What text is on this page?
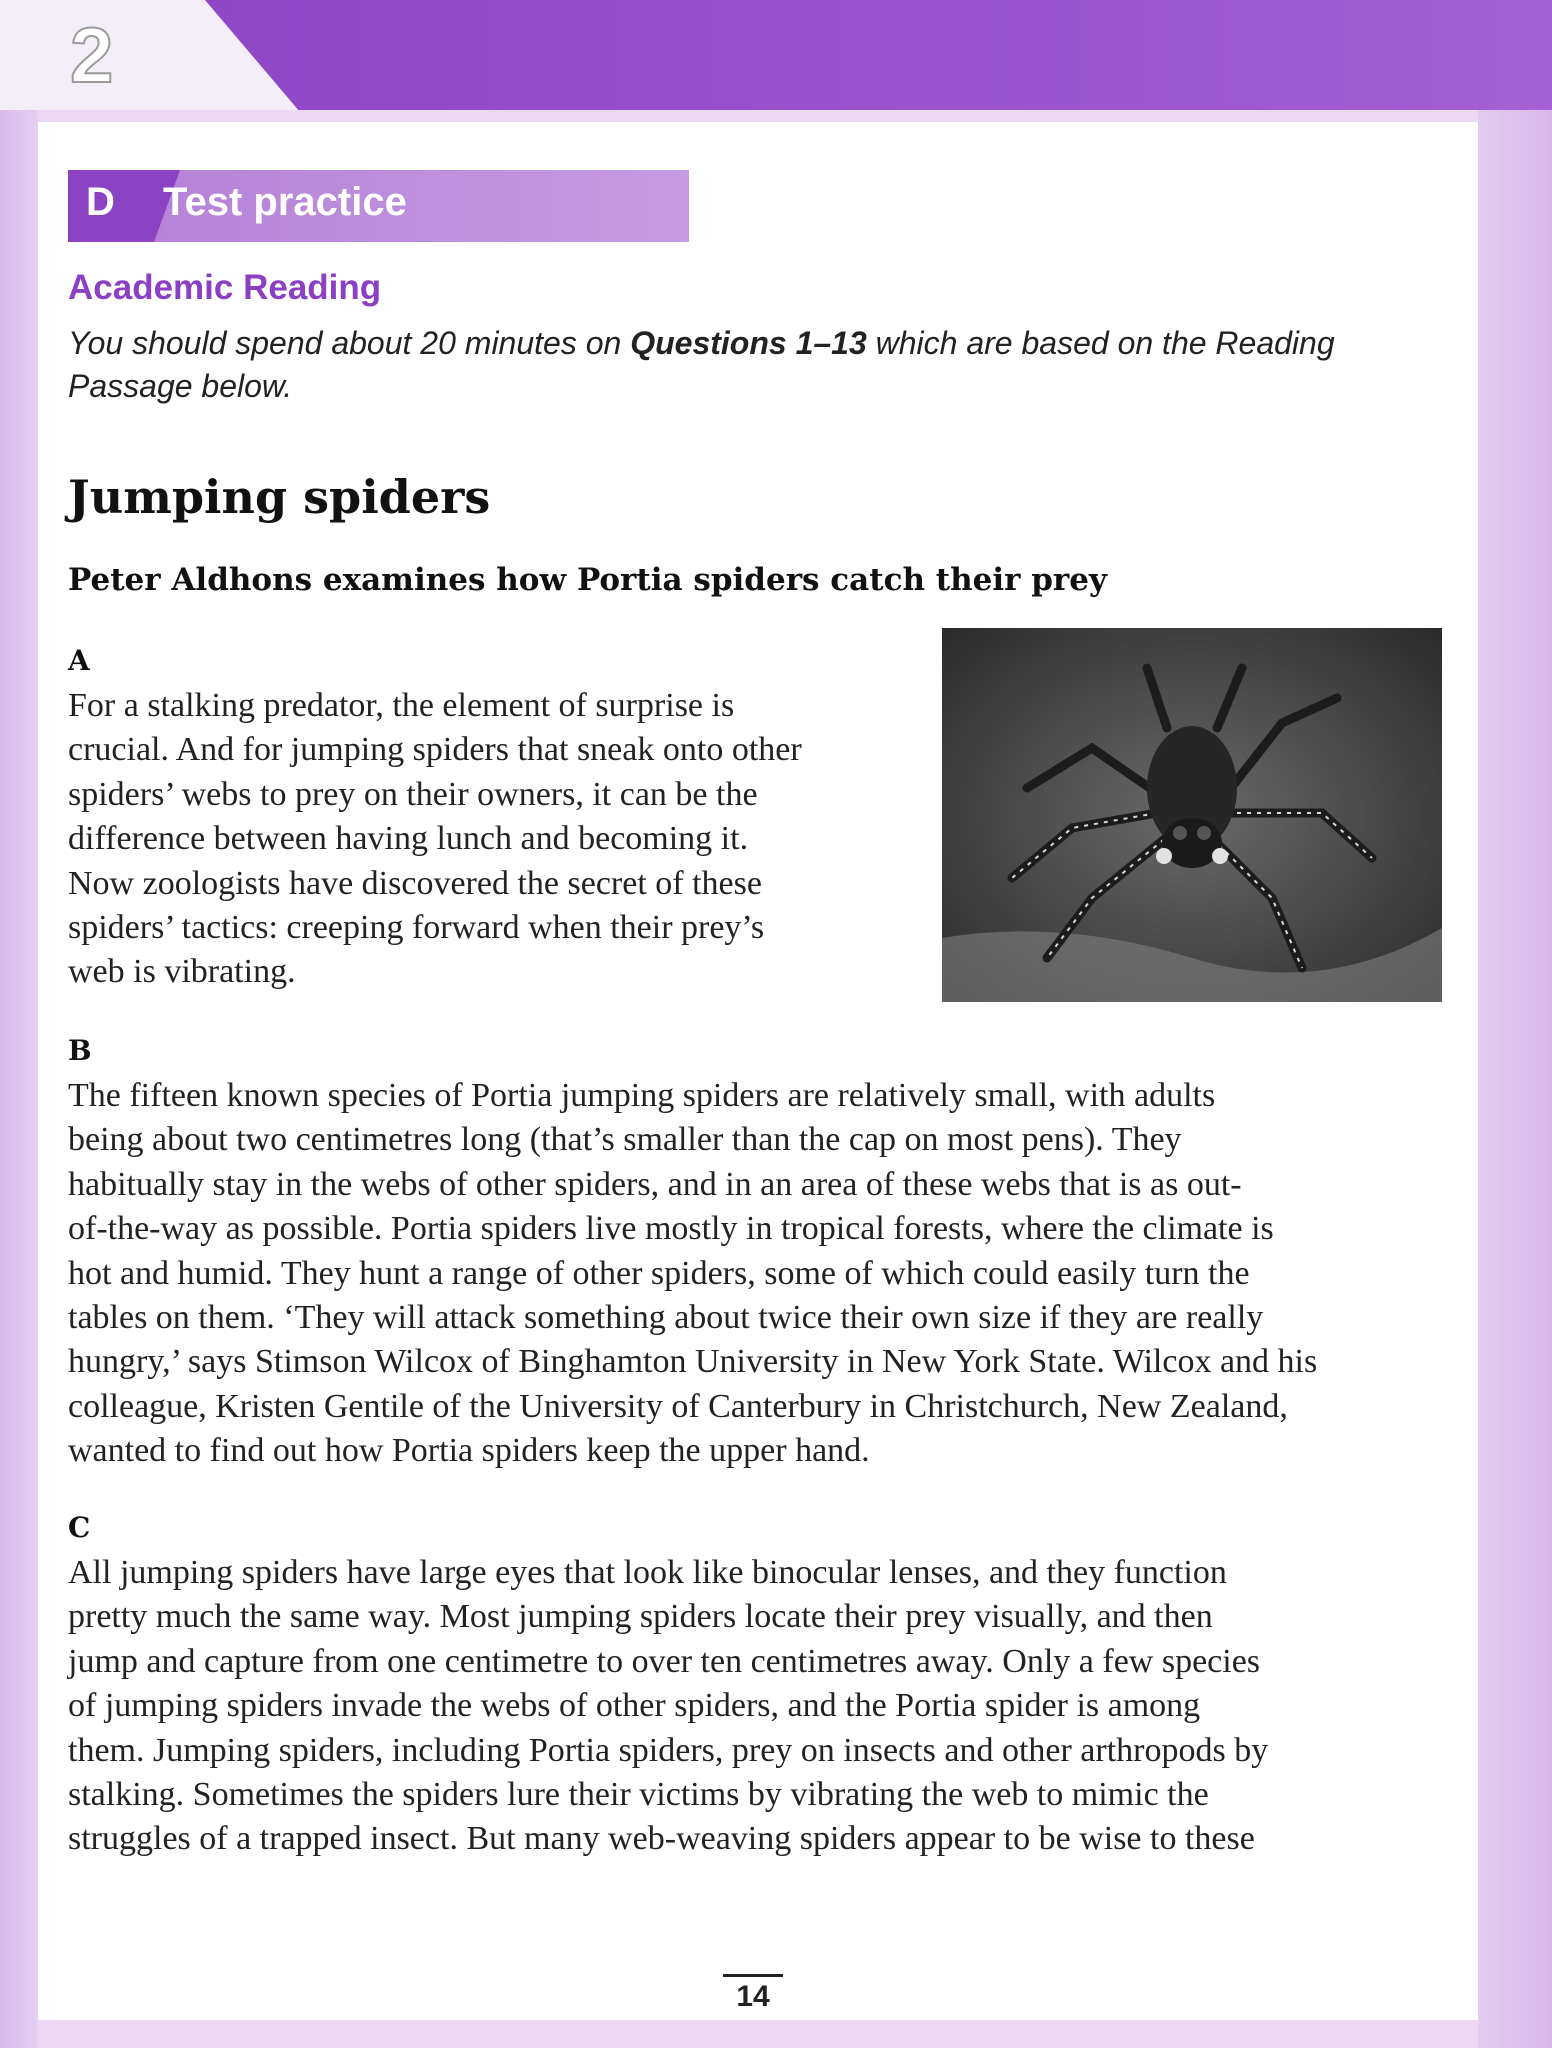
2
D Test practice
Academic Reading
You should spend about 20 minutes on Questions 1–13 which are based on the Reading Passage below.
Jumping spiders
Peter Aldhons examines how Portia spiders catch their prey
A
For a stalking predator, the element of surprise is
crucial. And for jumping spiders that sneak onto other
spiders’ webs to prey on their owners, it can be the
difference between having lunch and becoming it.
Now zoologists have discovered the secret of these
spiders’ tactics: creeping forward when their prey’s
web is vibrating.
B
The fifteen known species of Portia jumping spiders are relatively small, with adults
being about two centimetres long (that’s smaller than the cap on most pens). They
habitually stay in the webs of other spiders, and in an area of these webs that is as out-
of-the-way as possible. Portia spiders live mostly in tropical forests, where the climate is
hot and humid. They hunt a range of other spiders, some of which could easily turn the
tables on them. ‘They will attack something about twice their own size if they are really
hungry,’ says Stimson Wilcox of Binghamton University in New York State. Wilcox and his
colleague, Kristen Gentile of the University of Canterbury in Christchurch, New Zealand,
wanted to find out how Portia spiders keep the upper hand.
C
All jumping spiders have large eyes that look like binocular lenses, and they function
pretty much the same way. Most jumping spiders locate their prey visually, and then
jump and capture from one centimetre to over ten centimetres away. Only a few species
of jumping spiders invade the webs of other spiders, and the Portia spider is among
them. Jumping spiders, including Portia spiders, prey on insects and other arthropods by
stalking. Sometimes the spiders lure their victims by vibrating the web to mimic the
struggles of a trapped insect. But many web-weaving spiders appear to be wise to these
14
